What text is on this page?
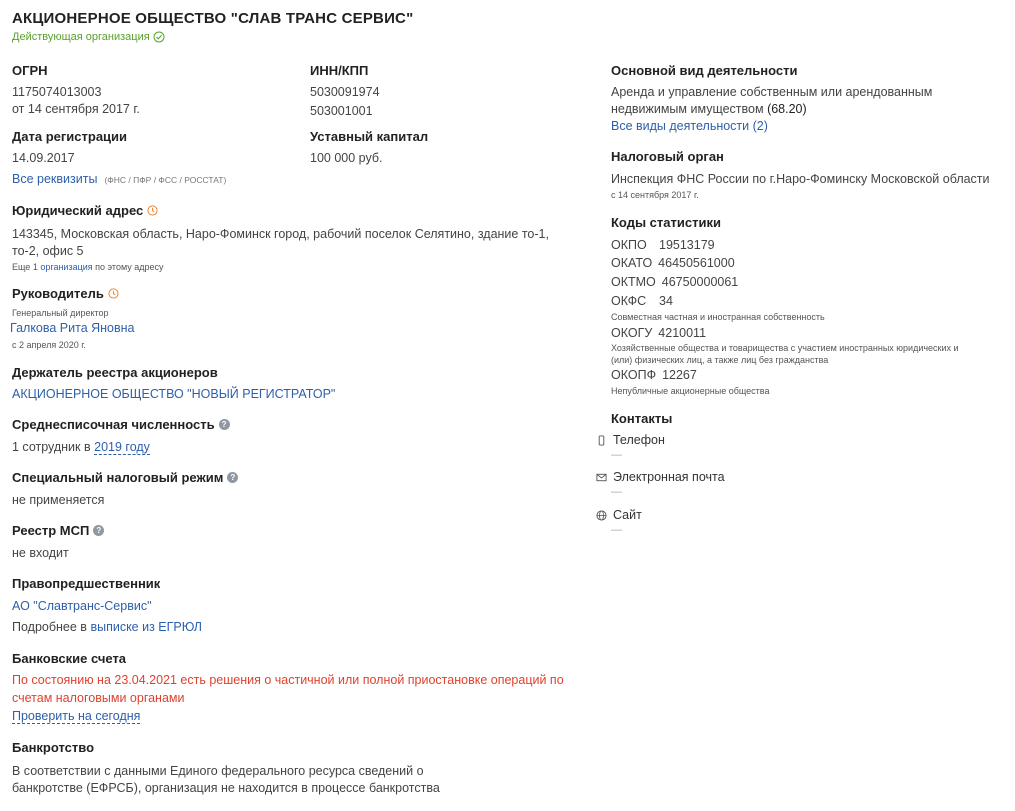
АКЦИОНЕРНОЕ ОБЩЕСТВО "СЛАВ ТРАНС СЕРВИС"
Действующая организация
ОГРН
1175074013003
от 14 сентября 2017 г.
ИНН/КПП
5030091974
503001001
Дата регистрации
14.09.2017
Уставный капитал
100 000 руб.
Все реквизиты (ФНС / ПФР / ФСС / РОССТАТ)
Юридический адрес
143345, Московская область, Наро-Фоминск город, рабочий поселок Селятино, здание то-1,
то-2, офис 5
Еще 1 организация по этому адресу
Руководитель
Генеральный директор
Галкова Рита Яновна
с 2 апреля 2020 г.
Держатель реестра акционеров
АКЦИОНЕРНОЕ ОБЩЕСТВО "НОВЫЙ РЕГИСТРАТОР"
Среднесписочная численность ?
1 сотрудник в 2019 году
Специальный налоговый режим ?
не применяется
Реестр МСП ?
не входит
Правопредшественник
АО "Славтранс-Сервис"
Подробнее в выписке из ЕГРЮЛ
Банковские счета
По состоянию на 23.04.2021 есть решения о частичной или полной приостановке операций по
счетам налоговыми органами
Проверить на сегодня
Банкротство
В соответствии с данными Единого федерального ресурса сведений о
банкротстве (ЕФРСБ), организация не находится в процессе банкротства
Основной вид деятельности
Аренда и управление собственным или арендованным
недвижимым имуществом (68.20)
Все виды деятельности (2)
Налоговый орган
Инспекция ФНС России по г.Наро-Фоминску Московской области
с 14 сентября 2017 г.
Коды статистики
ОКПО 19513179
ОКАТО 46450561000
ОКТМО 46750000061
ОКФС	34
Совместная частная и иностранная собственность
ОКОГУ 4210011
Хозяйственные общества и товарищества с участием иностранных юридических и
(или) физических лиц, а также лиц без гражданства
ОКОПФ 12267
Непубличные акционерные общества
Контакты
Телефон
—
Электронная почта
—
Сайт
—
